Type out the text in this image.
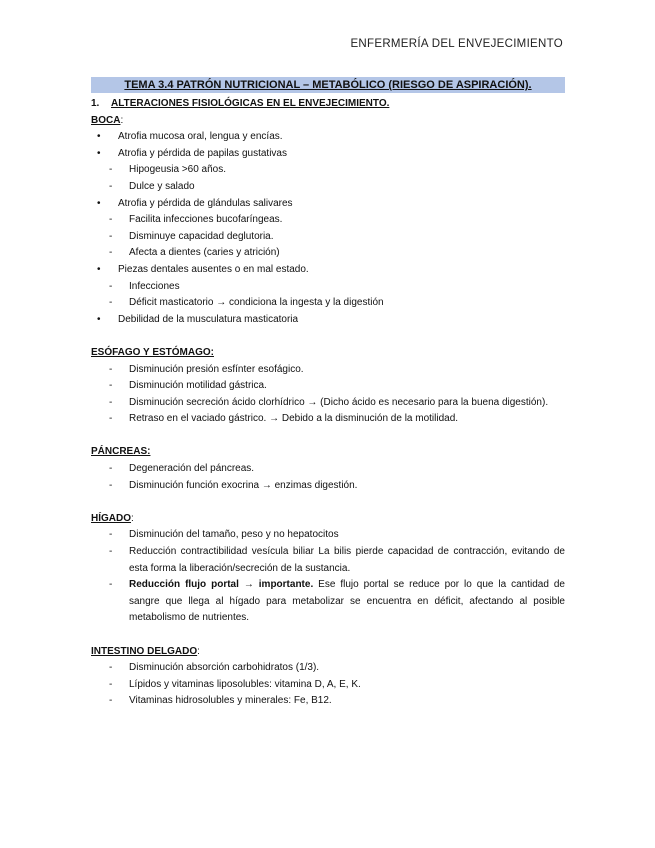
ENFERMERÍA DEL ENVEJECIMIENTO
TEMA 3.4 PATRÓN NUTRICIONAL – METABÓLICO (RIESGO DE ASPIRACIÓN).
1. ALTERACIONES FISIOLÓGICAS EN EL ENVEJECIMIENTO.
BOCA:
•	Atrofia mucosa oral, lengua y encías.
•	Atrofia y pérdida de papilas gustativas
-	Hipogeusia >60 años.
-	Dulce y salado
•	Atrofia y pérdida de glándulas salivares
-	Facilita infecciones bucofaríngeas.
-	Disminuye capacidad deglutoria.
-	Afecta a dientes (caries y atrición)
•	Piezas dentales ausentes o en mal estado.
-	Infecciones
-	Déficit masticatorio → condiciona la ingesta y la digestión
•	Debilidad de la musculatura masticatoria
ESÓFAGO Y ESTÓMAGO:
-	Disminución presión esfínter esofágico.
-	Disminución motilidad gástrica.
-	Disminución secreción ácido clorhídrico → (Dicho ácido es necesario para la buena digestión).
-	Retraso en el vaciado gástrico. → Debido a la disminución de la motilidad.
PÁNCREAS:
-	Degeneración del páncreas.
-	Disminución función exocrina → enzimas digestión.
HÍGADO:
-	Disminución del tamaño, peso y no hepatocitos
-	Reducción contractibilidad vesícula biliar La bilis pierde capacidad de contracción, evitando de esta forma la liberación/secreción de la sustancia.
-	Reducción flujo portal → importante. Ese flujo portal se reduce por lo que la cantidad de sangre que llega al hígado para metabolizar se encuentra en déficit, afectando al posible metabolismo de nutrientes.
INTESTINO DELGADO:
-	Disminución absorción carbohidratos (1/3).
-	Lípidos y vitaminas liposolubles: vitamina D, A, E, K.
-	Vitaminas hidrosolubles y minerales: Fe, B12.
